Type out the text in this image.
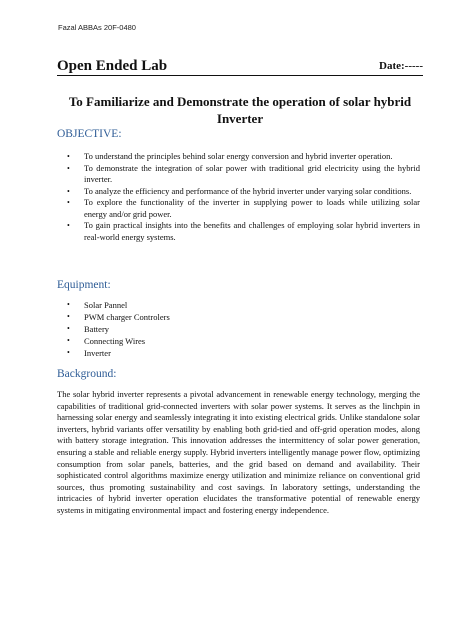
Fazal ABBAs 20F-0480
Open Ended Lab	Date:-----
To Familiarize and Demonstrate the operation of solar hybrid Inverter
OBJECTIVE:
• To understand the principles behind solar energy conversion and hybrid inverter operation.
• To demonstrate the integration of solar power with traditional grid electricity using the hybrid inverter.
• To analyze the efficiency and performance of the hybrid inverter under varying solar conditions.
• To explore the functionality of the inverter in supplying power to loads while utilizing solar energy and/or grid power.
• To gain practical insights into the benefits and challenges of employing solar hybrid inverters in real-world energy systems.
Equipment:
• Solar Pannel
• PWM charger Controlers
• Battery
• Connecting Wires
• Inverter
Background:

The solar hybrid inverter represents a pivotal advancement in renewable energy technology, merging the capabilities of traditional grid-connected inverters with solar power systems. It serves as the linchpin in harnessing solar energy and seamlessly integrating it into existing electrical grids. Unlike standalone solar inverters, hybrid variants offer versatility by enabling both grid-tied and off-grid operation modes, along with battery storage integration. This innovation addresses the intermittency of solar power generation, ensuring a stable and reliable energy supply. Hybrid inverters intelligently manage power flow, optimizing consumption from solar panels, batteries, and the grid based on demand and availability. Their sophisticated control algorithms maximize energy utilization and minimize reliance on conventional grid sources, thus promoting sustainability and cost savings. In laboratory settings, understanding the intricacies of hybrid inverter operation elucidates the transformative potential of renewable energy systems in mitigating environmental impact and fostering energy independence.
